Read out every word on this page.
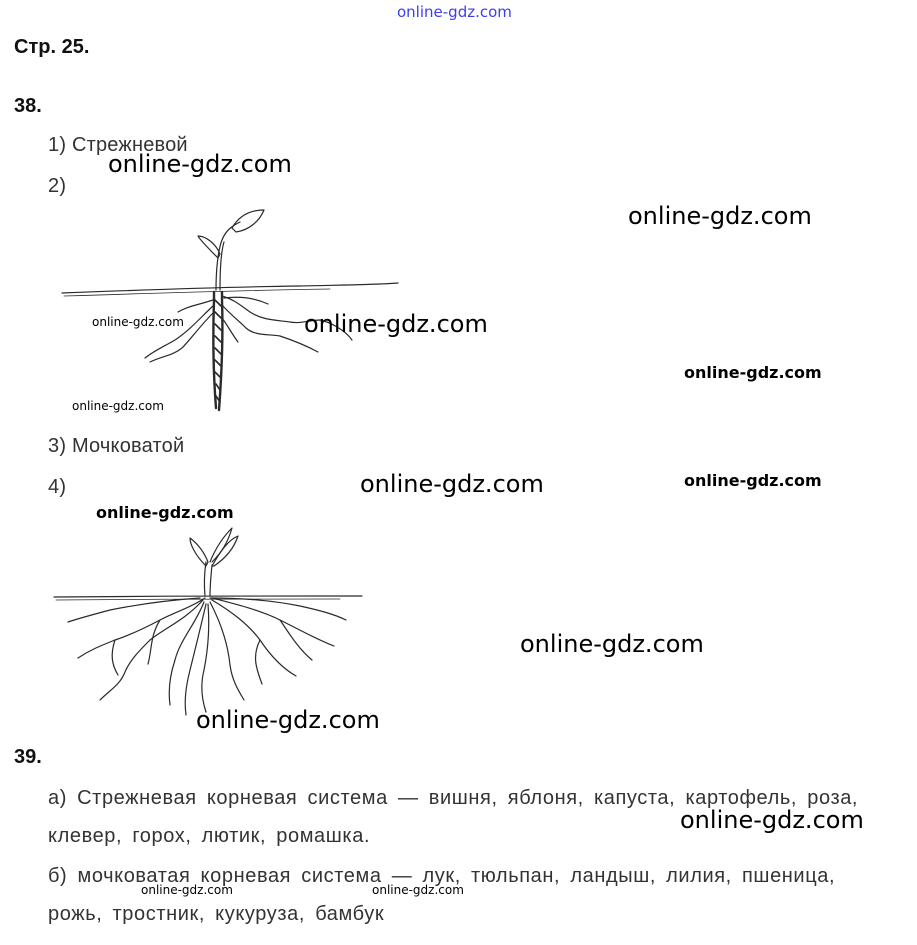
online-gdz.com
Стр. 25.
38.
1) Стрежневой
2)
3) Мочковатой
4)
39.
а) Стрежневая корневая система — вишня, яблоня, капуста, картофель, роза,
клевер, горох, лютик, ромашка.
б) мочковатая корневая система — лук, тюльпан, ландыш, лилия, пшеница,
рожь, тростник, кукуруза, бамбук
online-gdz.com
online-gdz.com
online-gdz.com	online-gdz.com
online-gdz.com
online-gdz.com
online-gdz.com
online-gdz.com
online-gdz.com
online-gdz.com
online-gdz.com
online-gdz.com
online-gdz.com	online-gdz.com
